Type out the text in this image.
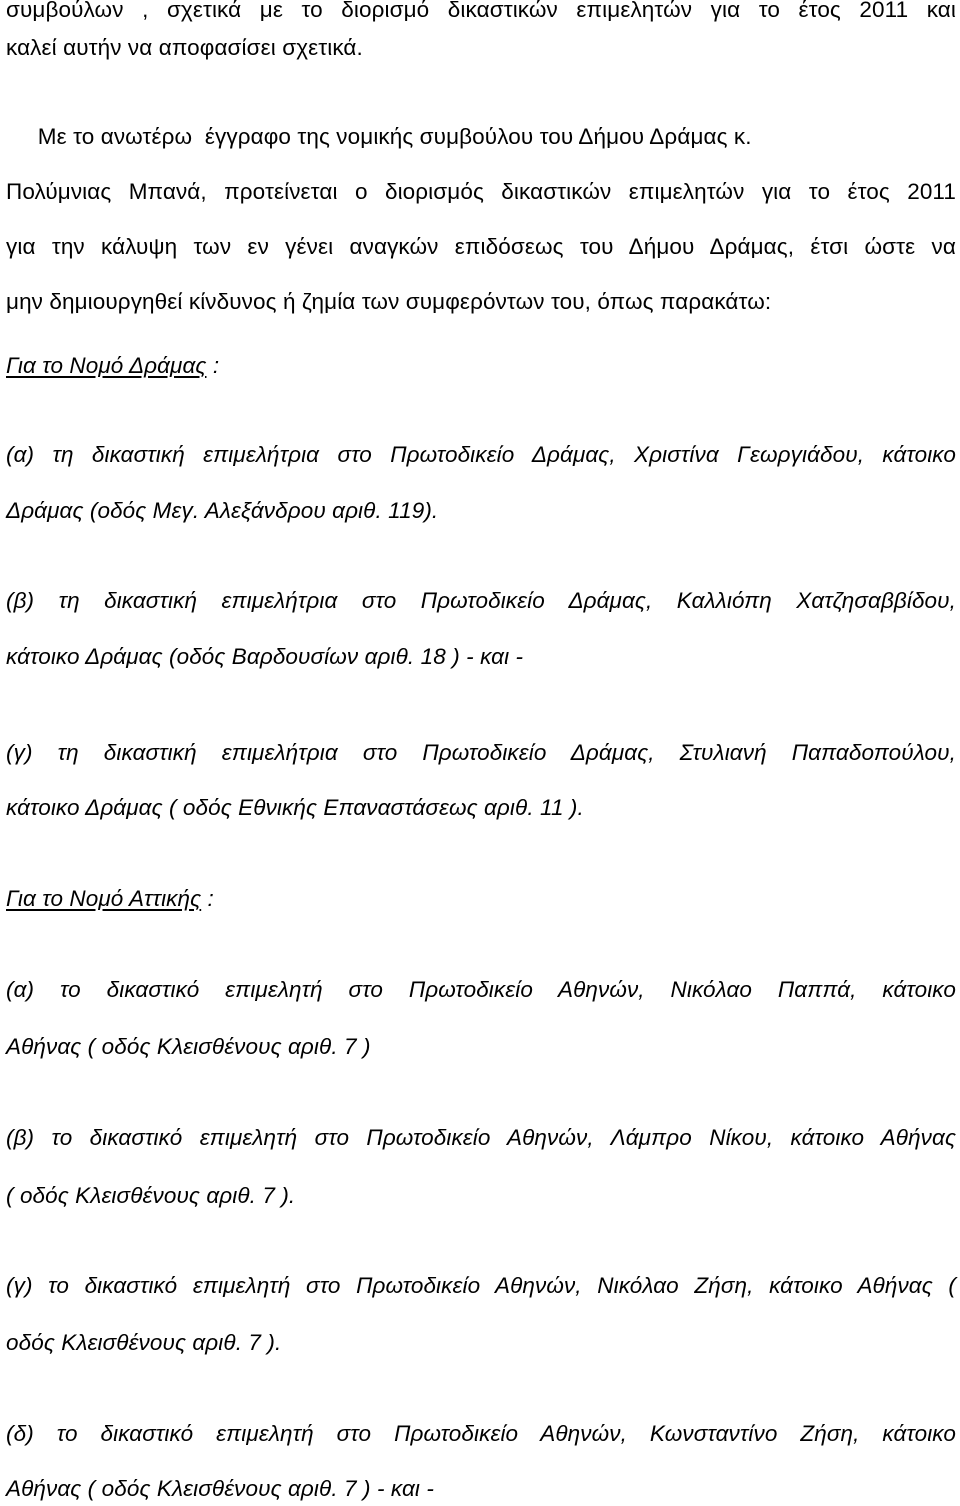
συμβούλων , σχετικά με το διορισμό δικαστικών επιμελητών για το έτος 2011 και
καλεί αυτήν να αποφασίσει σχετικά.
Με το ανωτέρω  έγγραφο της νομικής συμβούλου του Δήμου Δράμας κ.
Πολύμνιας Μπανά, προτείνεται ο διορισμός δικαστικών επιμελητών για το έτος 2011
για την κάλυψη των εν γένει αναγκών επιδόσεως του Δήμου Δράμας, έτσι ώστε να
μην δημιουργηθεί κίνδυνος ή ζημία των συμφερόντων του, όπως παρακάτω:
Για το Νομό Δράμας :
(α) τη δικαστική επιμελήτρια στο Πρωτοδικείο Δράμας, Χριστίνα Γεωργιάδου, κάτοικο
Δράμας (οδός Μεγ. Αλεξάνδρου αριθ. 119).
(β) τη δικαστική επιμελήτρια στο Πρωτοδικείο Δράμας, Καλλιόπη Χατζησαββίδου,
κάτοικο Δράμας (οδός Βαρδουσίων αριθ. 18 ) - και -
(γ) τη δικαστική επιμελήτρια στο Πρωτοδικείο Δράμας, Στυλιανή Παπαδοπούλου,
κάτοικο Δράμας ( οδός Εθνικής Επαναστάσεως αριθ. 11 ).
Για το Νομό Αττικής :
(α) το δικαστικό επιμελητή στο Πρωτοδικείο Αθηνών, Νικόλαο Παππά, κάτοικο
Αθήνας ( οδός Κλεισθένους αριθ. 7 )
(β) το δικαστικό επιμελητή στο Πρωτοδικείο Αθηνών, Λάμπρο Νίκου, κάτοικο Αθήνας
( οδός Κλεισθένους αριθ. 7 ).
(γ) το δικαστικό επιμελητή στο Πρωτοδικείο Αθηνών, Νικόλαο Ζήση, κάτοικο Αθήνας (
οδός Κλεισθένους αριθ. 7 ).
(δ) το δικαστικό επιμελητή στο Πρωτοδικείο Αθηνών, Κωνσταντίνο Ζήση, κάτοικο
Αθήνας ( οδός Κλεισθένους αριθ. 7 ) - και -
